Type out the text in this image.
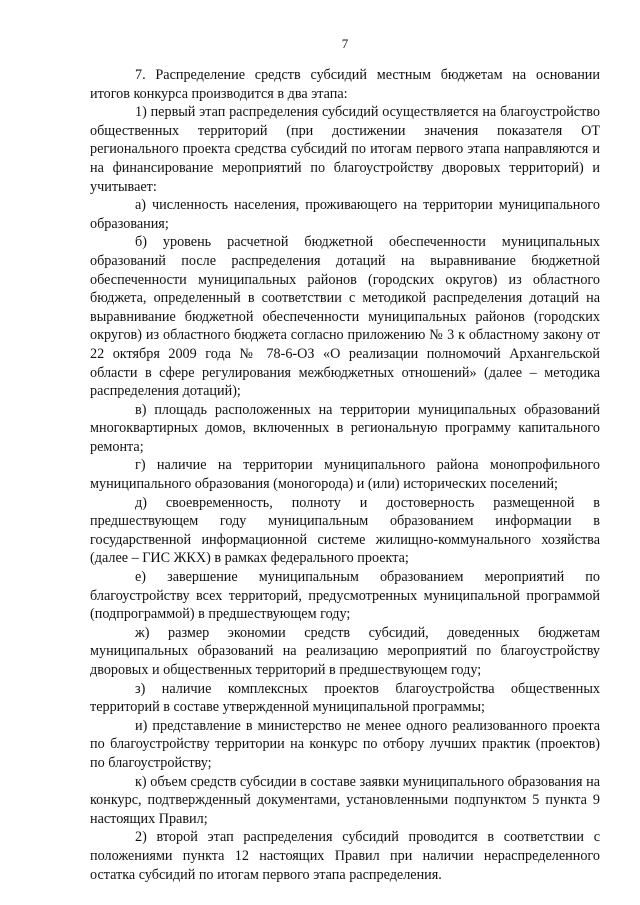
7

7. Распределение средств субсидий местным бюджетам на основании итогов конкурса производится в два этапа:

1) первый этап распределения субсидий осуществляется на благоустройство общественных территорий (при достижении значения показателя ОТ регионального проекта средства субсидий по итогам первого этапа направляются и на финансирование мероприятий по благоустройству дворовых территорий) и учитывает:

а) численность населения, проживающего на территории муниципального образования;

б) уровень расчетной бюджетной обеспеченности муниципальных образований после распределения дотаций на выравнивание бюджетной обеспеченности муниципальных районов (городских округов) из областного бюджета, определенный в соответствии с методикой распределения дотаций на выравнивание бюджетной обеспеченности муниципальных районов (городских округов) из областного бюджета согласно приложению № 3 к областному закону от 22 октября 2009 года № 78-6-ОЗ «О реализации полномочий Архангельской области в сфере регулирования межбюджетных отношений» (далее – методика распределения дотаций);

в) площадь расположенных на территории муниципальных образований многоквартирных домов, включенных в региональную программу капитального ремонта;

г) наличие на территории муниципального района монопрофильного муниципального образования (моногорода) и (или) исторических поселений;

д) своевременность, полноту и достоверность размещенной в предшествующем году муниципальным образованием информации в государственной информационной системе жилищно-коммунального хозяйства (далее – ГИС ЖКХ) в рамках федерального проекта;

е) завершение муниципальным образованием мероприятий по благоустройству всех территорий, предусмотренных муниципальной программой (подпрограммой) в предшествующем году;

ж) размер экономии средств субсидий, доведенных бюджетам муниципальных образований на реализацию мероприятий по благоустройству дворовых и общественных территорий в предшествующем году;

з) наличие комплексных проектов благоустройства общественных территорий в составе утвержденной муниципальной программы;

и) представление в министерство не менее одного реализованного проекта по благоустройству территории на конкурс по отбору лучших практик (проектов) по благоустройству;

к) объем средств субсидии в составе заявки муниципального образования на конкурс, подтвержденный документами, установленными подпунктом 5 пункта 9 настоящих Правил;

2) второй этап распределения субсидий проводится в соответствии с положениями пункта 12 настоящих Правил при наличии нераспределенного остатка субсидий по итогам первого этапа распределения.
